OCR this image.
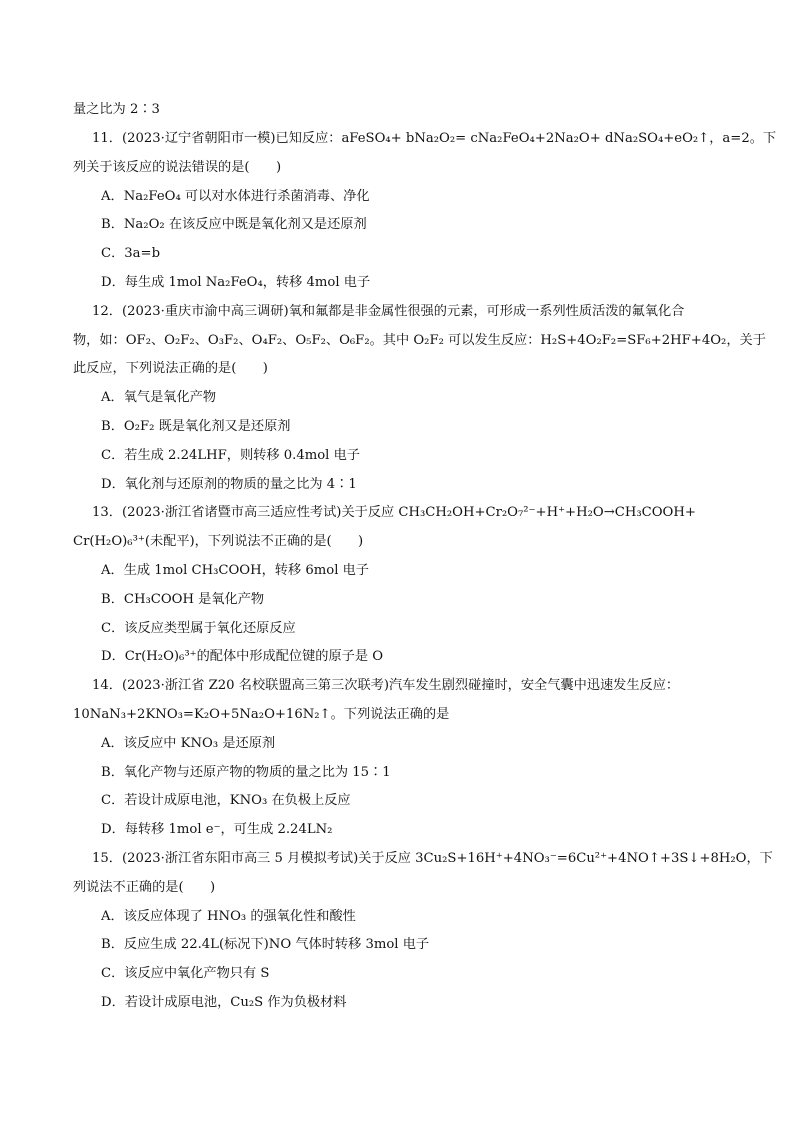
量之比为 2∶3
11．(2023·辽宁省朝阳市一模)已知反应：aFeSO₄+ bNa₂O₂= cNa₂FeO₄+2Na₂O+ dNa₂SO₄+eO₂↑，a=2。下
列关于该反应的说法错误的是(　　)
A．Na₂FeO₄ 可以对水体进行杀菌消毒、净化
B．Na₂O₂ 在该反应中既是氧化剂又是还原剂
C．3a=b
D．每生成 1mol Na₂FeO₄，转移 4mol 电子
12．(2023·重庆市渝中高三调研)氧和氟都是非金属性很强的元素，可形成一系列性质活泼的氟氧化合
物，如：OF₂、O₂F₂、O₃F₂、O₄F₂、O₅F₂、O₆F₂。其中 O₂F₂ 可以发生反应：H₂S+4O₂F₂=SF₆+2HF+4O₂，关于
此反应，下列说法正确的是(　　)
A．氧气是氧化产物
B．O₂F₂ 既是氧化剂又是还原剂
C．若生成 2.24LHF，则转移 0.4mol 电子
D．氧化剂与还原剂的物质的量之比为 4∶1
13．(2023·浙江省诸暨市高三适应性考试)关于反应 CH₃CH₂OH+Cr₂O₇²⁻+H⁺+H₂O→CH₃COOH+
Cr(H₂O)₆³⁺(未配平)，下列说法不正确的是(　　)
A．生成 1mol CH₃COOH，转移 6mol 电子
B．CH₃COOH 是氧化产物
C．该反应类型属于氧化还原反应
D．Cr(H₂O)₆³⁺的配体中形成配位键的原子是 O
14．(2023·浙江省 Z20 名校联盟高三第三次联考)汽车发生剧烈碰撞时，安全气囊中迅速发生反应：
10NaN₃+2KNO₃=K₂O+5Na₂O+16N₂↑。下列说法正确的是
A．该反应中 KNO₃ 是还原剂
B．氧化产物与还原产物的物质的量之比为 15∶1
C．若设计成原电池，KNO₃ 在负极上反应
D．每转移 1mol e⁻，可生成 2.24LN₂
15．(2023·浙江省东阳市高三 5 月模拟考试)关于反应 3Cu₂S+16H⁺+4NO₃⁻=6Cu²⁺+4NO↑+3S↓+8H₂O，下
列说法不正确的是(　　)
A．该反应体现了 HNO₃ 的强氧化性和酸性
B．反应生成 22.4L(标况下)NO 气体时转移 3mol 电子
C．该反应中氧化产物只有 S
D．若设计成原电池，Cu₂S 作为负极材料
